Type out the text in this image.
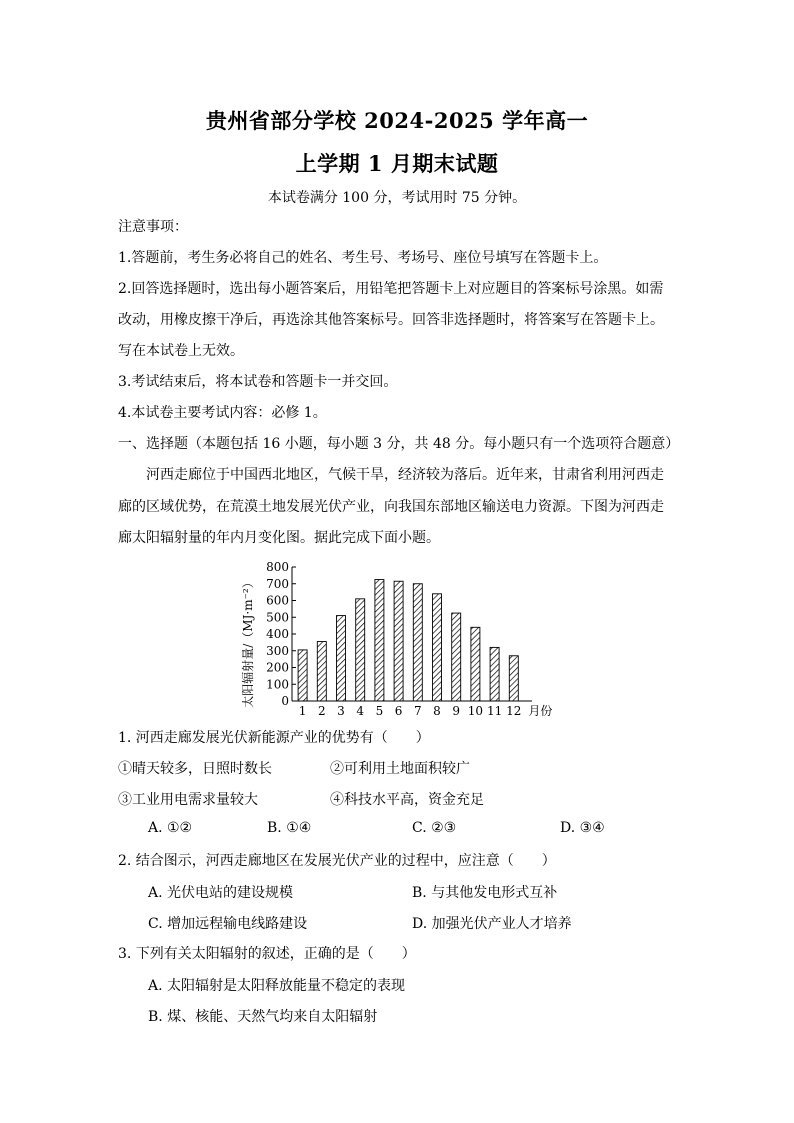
贵州省部分学校 2024-2025 学年高一
上学期 1 月期末试题
本试卷满分 100 分，考试用时 75 分钟。
注意事项：
1.答题前，考生务必将自己的姓名、考生号、考场号、座位号填写在答题卡上。
2.回答选择题时，选出每小题答案后，用铅笔把答题卡上对应题目的答案标号涂黑。如需
改动，用橡皮擦干净后，再选涂其他答案标号。回答非选择题时，将答案写在答题卡上。
写在本试卷上无效。
3.考试结束后，将本试卷和答题卡一并交回。
4.本试卷主要考试内容：必修 1。
一、选择题（本题包括 16 小题，每小题 3 分，共 48 分。每小题只有一个选项符合题意）
河西走廊位于中国西北地区，气候干旱，经济较为落后。近年来，甘肃省利用河西走
廊的区域优势，在荒漠土地发展光伏产业，向我国东部地区输送电力资源。下图为河西走
廊太阳辐射量的年内月变化图。据此完成下面小题。
太阳辐射量/（MJ·m⁻²） 0
100
200
300
400
500
600
700
800
1 2 3 4 5 6 7 8 9 10 11 12 月份
1. 河西走廊发展光伏新能源产业的优势有（　　）
①晴天较多，日照时数长	②可利用土地面积较广
③工业用电需求量较大	④科技水平高，资金充足
A. ①②	B. ①④	C. ②③	D. ③④
2. 结合图示，河西走廊地区在发展光伏产业的过程中，应注意（　　）
A. 光伏电站的建设规模	B. 与其他发电形式互补
C. 增加远程输电线路建设	D. 加强光伏产业人才培养
3. 下列有关太阳辐射的叙述，正确的是（　　）
A. 太阳辐射是太阳释放能量不稳定的表现
B. 煤、核能、天然气均来自太阳辐射
